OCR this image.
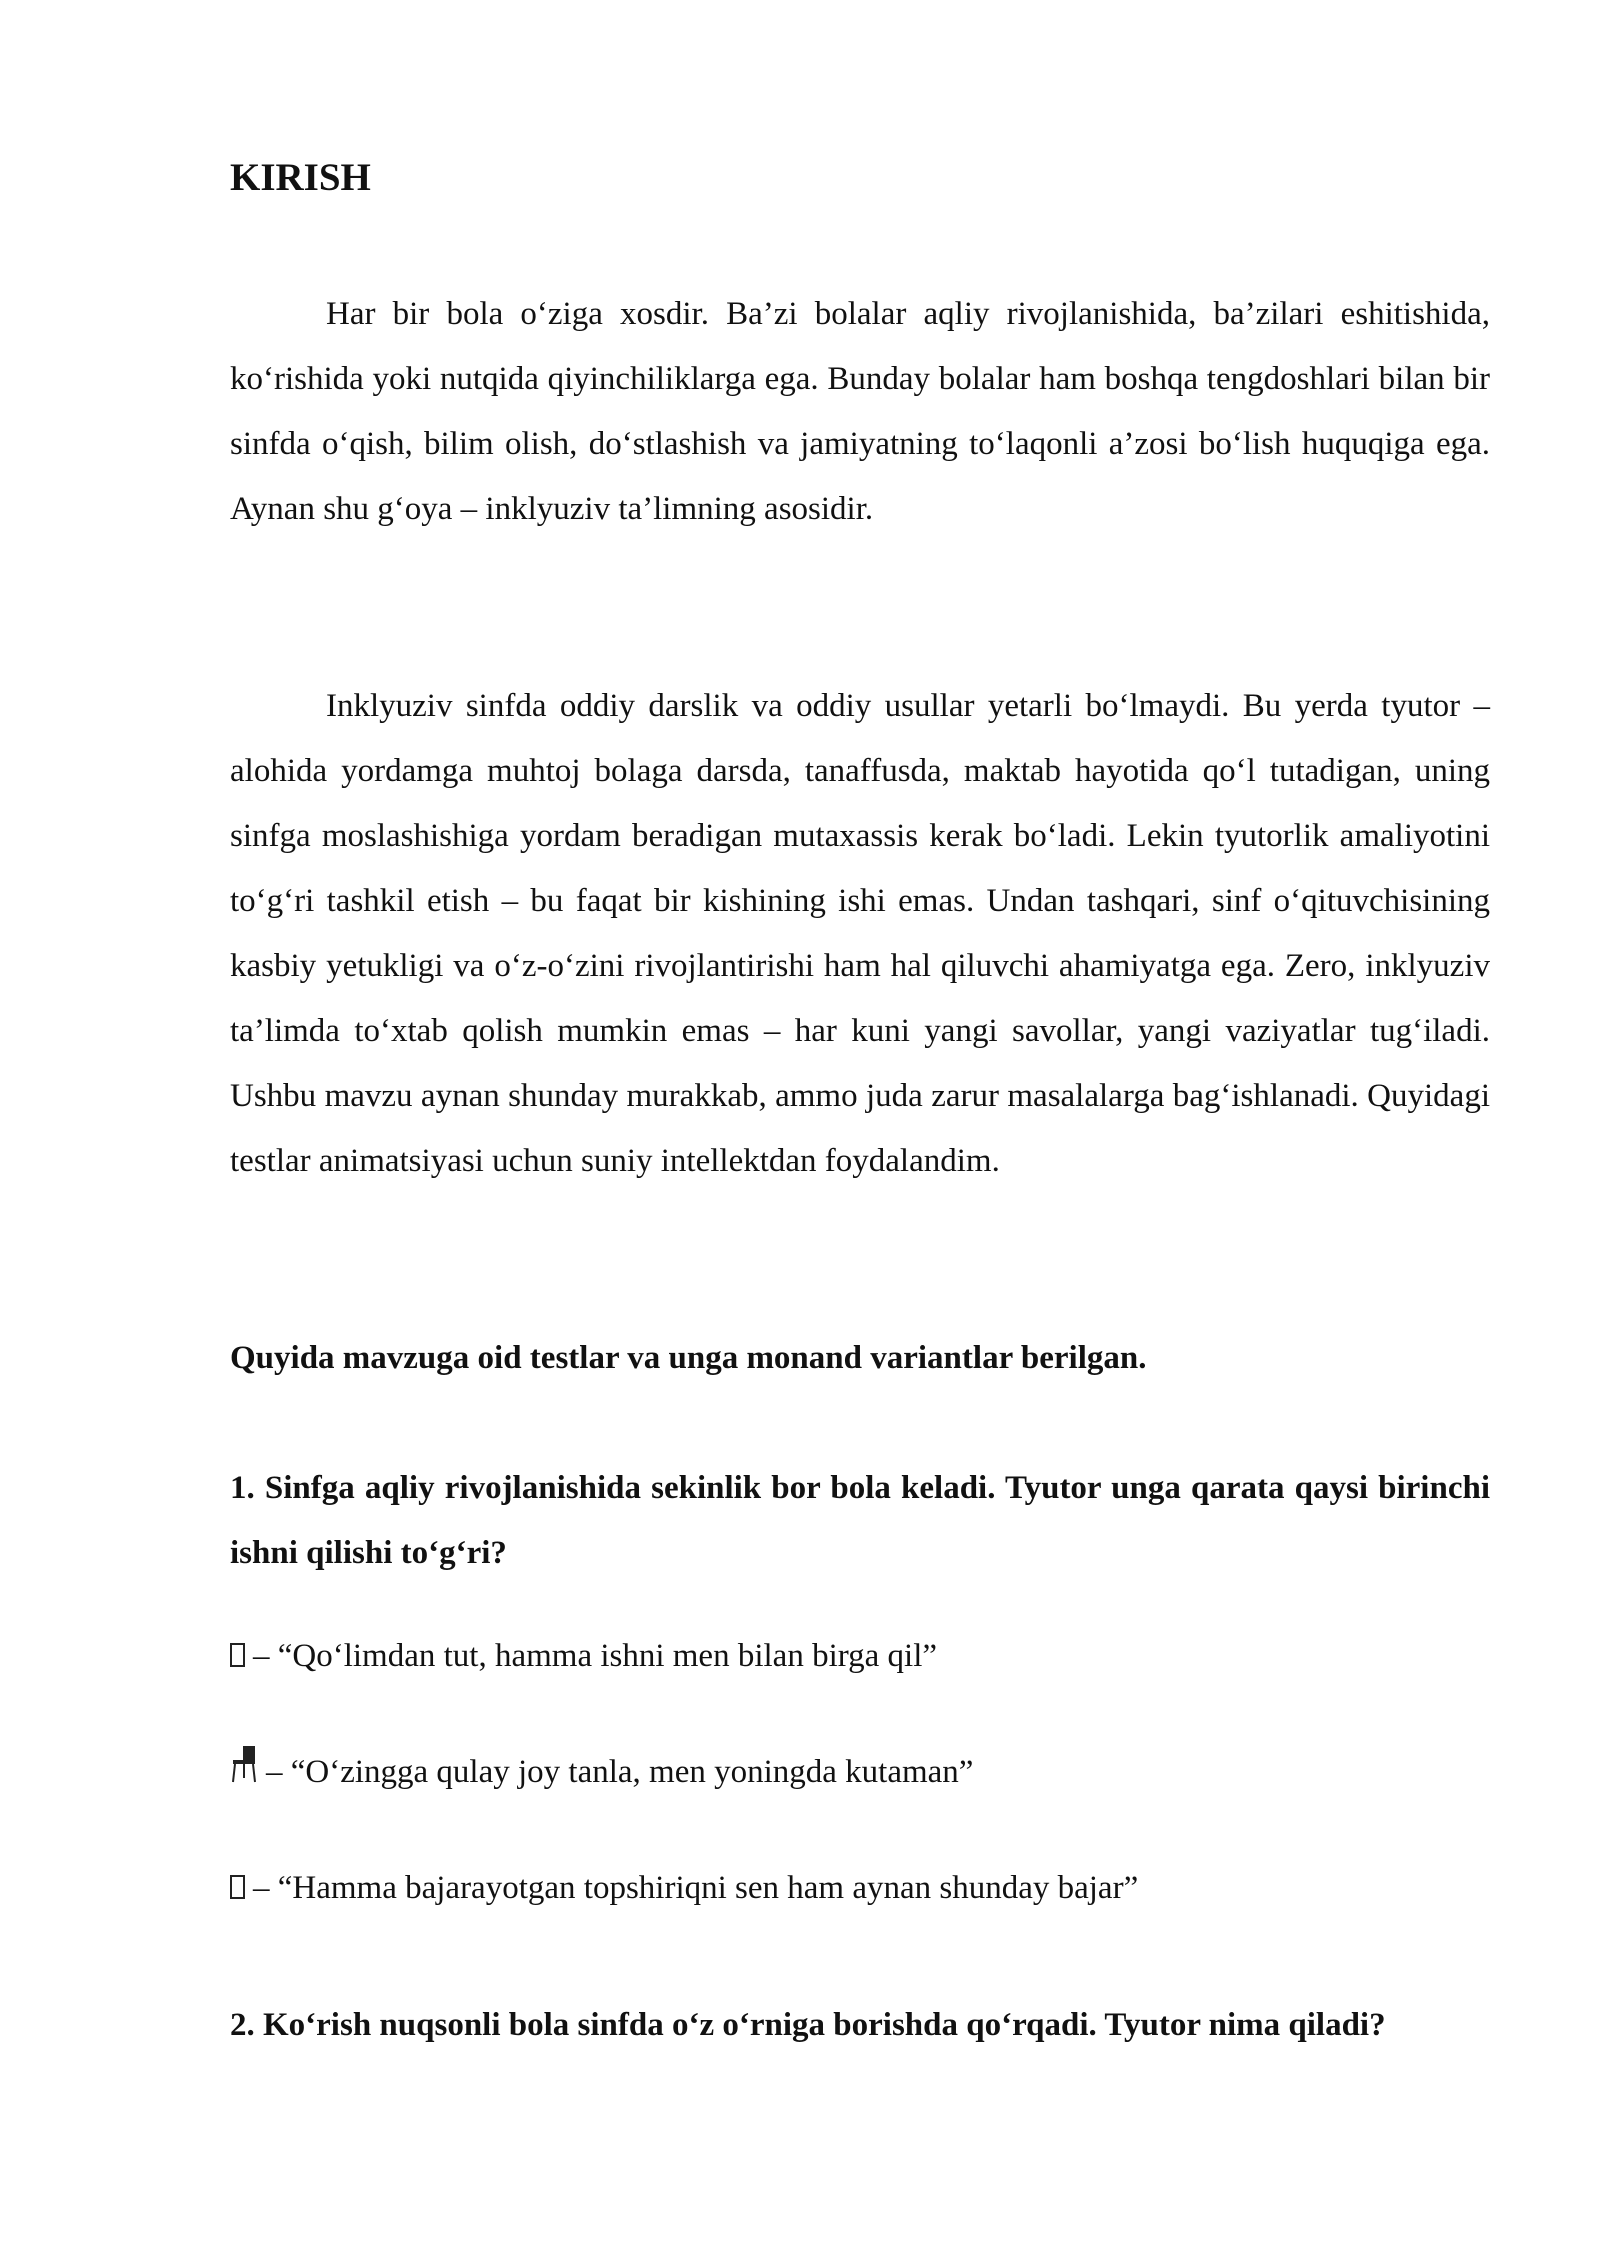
KIRISH

Har bir bola o‘ziga xosdir. Ba’zi bolalar aqliy rivojlanishida, ba’zilari eshitishida, ko‘rishida yoki nutqida qiyinchiliklarga ega. Bunday bolalar ham boshqa tengdoshlari bilan bir sinfda o‘qish, bilim olish, do‘stlashish va jamiyatning to‘laqonli a’zosi bo‘lish huquqiga ega. Aynan shu g‘oya – inklyuziv ta’limning asosidir.

Inklyuziv sinfda oddiy darslik va oddiy usullar yetarli bo‘lmaydi. Bu yerda tyutor – alohida yordamga muhtoj bolaga darsda, tanaffusda, maktab hayotida qo‘l tutadigan, uning sinfga moslashishiga yordam beradigan mutaxassis kerak bo‘ladi. Lekin tyutorlik amaliyotini to‘g‘ri tashkil etish – bu faqat bir kishining ishi emas. Undan tashqari, sinf o‘qituvchisining kasbiy yetukligi va o‘z-o‘zini rivojlantirishi ham hal qiluvchi ahamiyatga ega. Zero, inklyuziv ta’limda to‘xtab qolish mumkin emas – har kuni yangi savollar, yangi vaziyatlar tug‘iladi. Ushbu mavzu aynan shunday murakkab, ammo juda zarur masalalarga bag‘ishlanadi. Quyidagi testlar animatsiyasi uchun suniy intellektdan foydalandim.

Quyida mavzuga oid testlar va unga monand variantlar berilgan.

1. Sinfga aqliy rivojlanishida sekinlik bor bola keladi. Tyutor unga qarata qaysi birinchi ishni qilishi to‘g‘ri?

– “Qo‘limdan tut, hamma ishni men bilan birga qil”

– “O‘zingga qulay joy tanla, men yoningda kutaman”

– “Hamma bajarayotgan topshiriqni sen ham aynan shunday bajar”

2. Ko‘rish nuqsonli bola sinfda o‘z o‘rniga borishda qo‘rqadi. Tyutor nima qiladi?
